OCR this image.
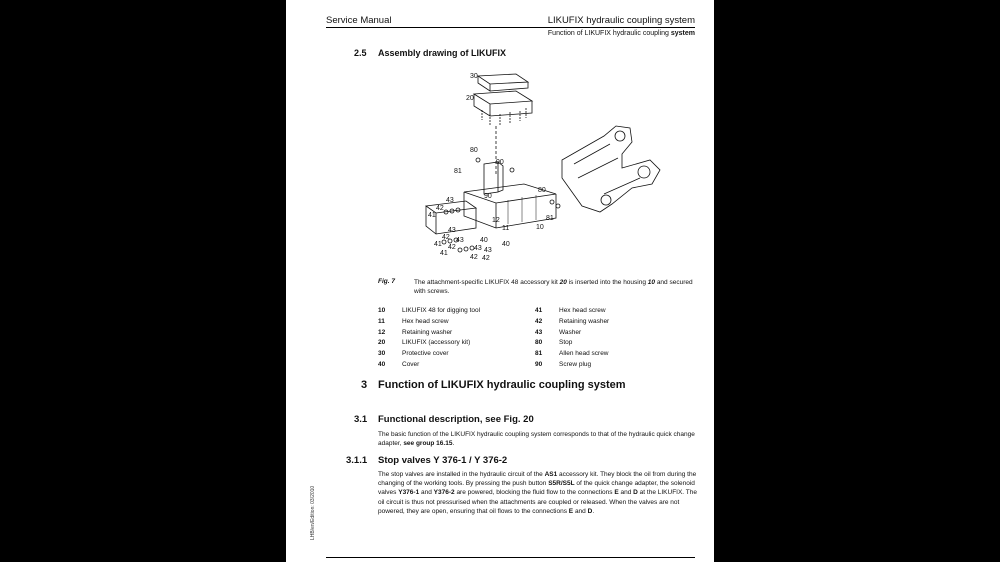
Service Manual	LIKUFIX hydraulic coupling system
Function of LIKUFIX hydraulic coupling system
2.5 Assembly drawing of LIKUFIX
30
20
80
81
90
43
42
41
90
80
81
10
12
11
40
43
42
41
43
42
41
43
42
40
43
42
Fig. 7	The attachment-specific LIKUFIX 48 accessory kit 20 is inserted into the housing 10 and secured with screws.
10	LIKUFIX 48 for digging tool
11	Hex head screw
12	Retaining washer
20	LIKUFIX (accessory kit)
30	Protective cover
40	Cover
41	Hex head screw
42	Retaining washer
43	Washer
80	Stop
81	Allen head screw
90	Screw plug
3 Function of LIKUFIX hydraulic coupling system
3.1 Functional description, see Fig. 20
The basic function of the LIKUFIX hydraulic coupling system corresponds to that of the hydraulic quick change adapter, see group 16.15.
3.1.1 Stop valves Y 376-1 / Y 376-2
The stop valves are installed in the hydraulic circuit of the AS1 accessory kit. They block the oil from during the changing of the working tools. By pressing the push button S5R/S5L of the quick change adapter, the solenoid valves Y376-1 and Y376-2 are powered, blocking the fluid flow to the connections E and D at the LIKUFIX. The oil circuit is thus not pressurised when the attachments are coupled or released. When the valves are not powered, they are open, ensuring that oil flows to the connections E and D.
LHB/en/Edition: 03/2010
